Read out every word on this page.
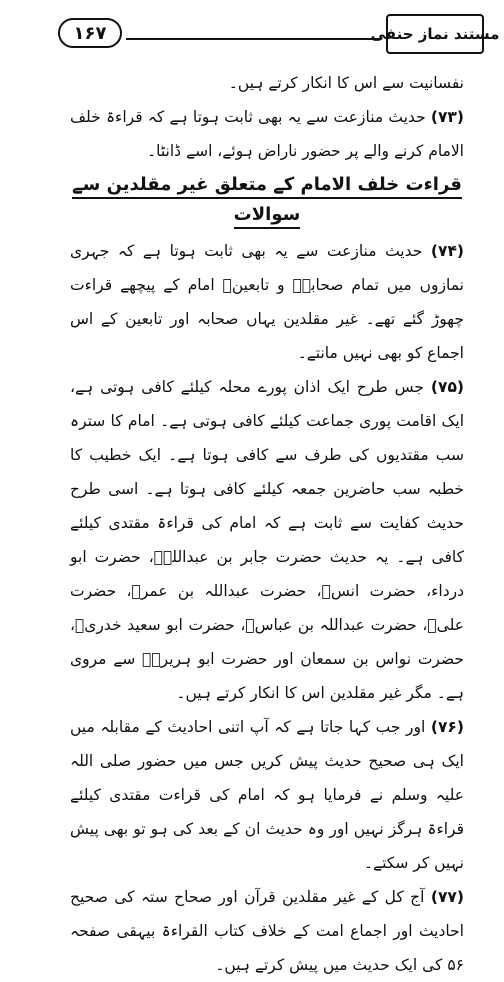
۱۶۷	مستند نماز حنفی

نفسانیت سے اس کا انکار کرتے ہیں۔

(۷۳) حدیث منازعت سے یہ بھی ثابت ہوتا ہے کہ قراءۃ خلف الامام کرنے والے پر حضور ناراض ہوئے، اسے ڈانٹا۔

قراءت خلف الامام کے متعلق غیر مقلدین سے سوالات

(۷۴) حدیث منازعت سے یہ بھی ثابت ہوتا ہے کہ جہری نمازوں میں تمام صحابہؓ و تابعینؒ امام کے پیچھے قراءت چھوڑ گئے تھے۔ غیر مقلدین یہاں صحابہ اور تابعین کے اس اجماع کو بھی نہیں مانتے۔

(۷۵) جس طرح ایک اذان پورے محلہ کیلئے کافی ہوتی ہے، ایک اقامت پوری جماعت کیلئے کافی ہوتی ہے۔ امام کا سترہ سب مقتدیوں کی طرف سے کافی ہوتا ہے۔ ایک خطیب کا خطبہ سب حاضرین جمعہ کیلئے کافی ہوتا ہے۔ اسی طرح حدیث کفایت سے ثابت ہے کہ امام کی قراءۃ مقتدی کیلئے کافی ہے۔ یہ حدیث حضرت جابر بن عبداللہؓ، حضرت ابو درداء، حضرت انسؓ، حضرت عبداللہ بن عمرؓ، حضرت علیؓ، حضرت عبداللہ بن عباسؓ، حضرت ابو سعید خدریؓ، حضرت نواس بن سمعان اور حضرت ابو ہریرہؓ سے مروی ہے۔ مگر غیر مقلدین اس کا انکار کرتے ہیں۔

(۷۶) اور جب کہا جاتا ہے کہ آپ اتنی احادیث کے مقابلہ میں ایک ہی صحیح حدیث پیش کریں جس میں حضور صلی اللہ علیہ وسلم نے فرمایا ہو کہ امام کی قراءت مقتدی کیلئے قراءۃ ہرگز نہیں اور وہ حدیث ان کے بعد کی ہو تو بھی پیش نہیں کر سکتے۔

(۷۷) آج کل کے غیر مقلدین قرآن اور صحاح ستہ کی صحیح احادیث اور اجماع امت کے خلاف کتاب القراءۃ بیہقی صفحہ ۵۶ کی ایک حدیث میں پیش کرتے ہیں۔
